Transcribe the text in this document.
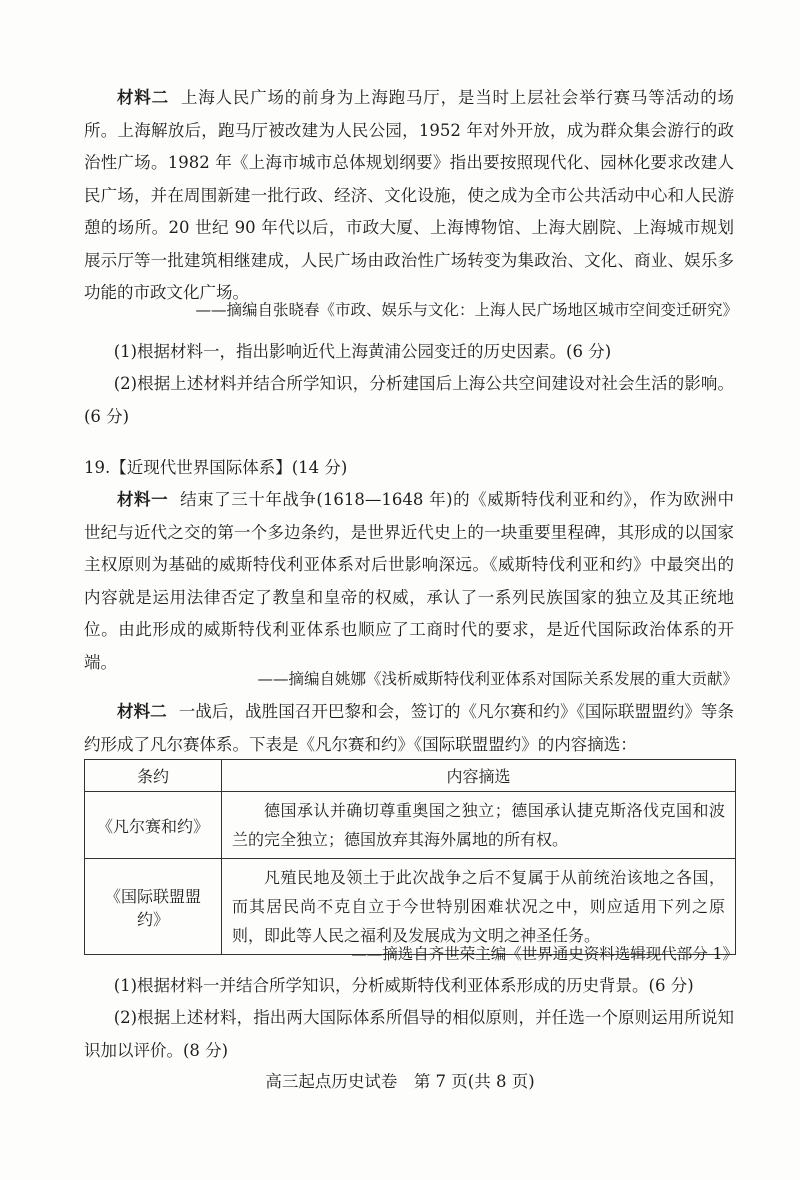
材料二 上海人民广场的前身为上海跑马厅，是当时上层社会举行赛马等活动的场所。上海解放后，跑马厅被改建为人民公园，1952 年对外开放，成为群众集会游行的政治性广场。1982 年《上海市城市总体规划纲要》指出要按照现代化、园林化要求改建人民广场，并在周围新建一批行政、经济、文化设施，使之成为全市公共活动中心和人民游憩的场所。20 世纪 90 年代以后，市政大厦、上海博物馆、上海大剧院、上海城市规划展示厅等一批建筑相继建成，人民广场由政治性广场转变为集政治、文化、商业、娱乐多功能的市政文化广场。

——摘编自张晓春《市政、娱乐与文化：上海人民广场地区城市空间变迁研究》

(1)根据材料一，指出影响近代上海黄浦公园变迁的历史因素。(6 分)

(2)根据上述材料并结合所学知识，分析建国后上海公共空间建设对社会生活的影响。(6 分)

19.【近现代世界国际体系】(14 分)

材料一 结束了三十年战争(1618—1648 年)的《威斯特伐利亚和约》，作为欧洲中世纪与近代之交的第一个多边条约，是世界近代史上的一块重要里程碑，其形成的以国家主权原则为基础的威斯特伐利亚体系对后世影响深远。《威斯特伐利亚和约》中最突出的内容就是运用法律否定了教皇和皇帝的权威，承认了一系列民族国家的独立及其正统地位。由此形成的威斯特伐利亚体系也顺应了工商时代的要求，是近代国际政治体系的开端。

——摘编自姚娜《浅析威斯特伐利亚体系对国际关系发展的重大贡献》

材料二 一战后，战胜国召开巴黎和会，签订的《凡尔赛和约》《国际联盟盟约》等条约形成了凡尔赛体系。下表是《凡尔赛和约》《国际联盟盟约》的内容摘选：

条约	内容摘选
《凡尔赛和约》	德国承认并确切尊重奥国之独立；德国承认捷克斯洛伐克国和波兰的完全独立；德国放弃其海外属地的所有权。
《国际联盟盟约》	凡殖民地及领土于此次战争之后不复属于从前统治该地之各国，而其居民尚不克自立于今世特别困难状况之中，则应适用下列之原则，即此等人民之福利及发展成为文明之神圣任务。

——摘选自齐世荣主编《世界通史资料选辑现代部分 1》

(1)根据材料一并结合所学知识，分析威斯特伐利亚体系形成的历史背景。(6 分)

(2)根据上述材料，指出两大国际体系所倡导的相似原则，并任选一个原则运用所说知识加以评价。(8 分)

高三起点历史试卷　第 7 页(共 8 页)
